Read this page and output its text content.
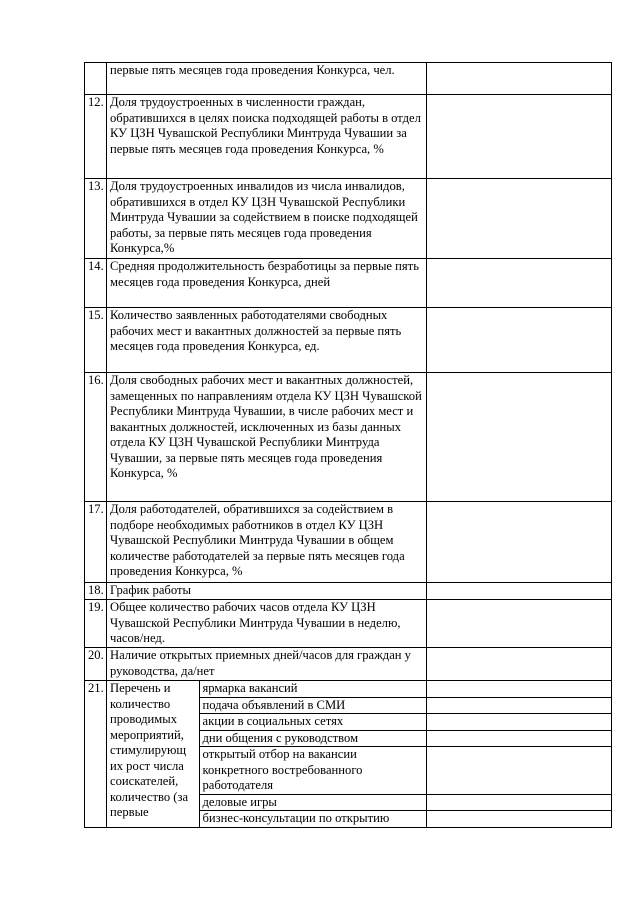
	первые пять месяцев года проведения Конкурса, чел.	
12.	Доля трудоустроенных в численности граждан, обратившихся в целях поиска подходящей работы в отдел КУ ЦЗН Чувашской Республики Минтруда Чувашии за первые пять месяцев года проведения Конкурса, %	
13.	Доля трудоустроенных инвалидов из числа инвалидов, обратившихся в отдел КУ ЦЗН Чувашской Республики Минтруда Чувашии за содействием в поиске подходящей работы, за первые пять месяцев года проведения Конкурса,%	
14.	Средняя продолжительность безработицы за первые пять месяцев года проведения Конкурса, дней	
15.	Количество заявленных работодателями свободных рабочих мест и вакантных должностей за первые пять месяцев года проведения Конкурса, ед.	
16.	Доля свободных рабочих мест и вакантных должностей, замещенных по направлениям отдела КУ ЦЗН Чувашской Республики Минтруда Чувашии, в числе рабочих мест и вакантных должностей, исключенных из базы данных отдела КУ ЦЗН Чувашской Республики Минтруда Чувашии, за первые пять месяцев года проведения Конкурса, %	
17.	Доля работодателей, обратившихся за содействием в подборе необходимых работников в отдел КУ ЦЗН Чувашской Республики Минтруда Чувашии в общем количестве работодателей за первые пять месяцев года проведения Конкурса, %	
18.	График работы	
19.	Общее количество рабочих часов отдела КУ ЦЗН Чувашской Республики Минтруда Чувашии в неделю, часов/нед.	
20.	Наличие открытых приемных дней/часов для граждан у руководства, да/нет	
21.	Перечень и количество проводимых мероприятий, стимулирующ их рост числа соискателей, количество (за первые	ярмарка вакансий
подача объявлений в СМИ
акции в социальных сетях
дни общения с руководством
открытый отбор на вакансии конкретного востребованного работодателя
деловые игры
бизнес-консультации по открытию
